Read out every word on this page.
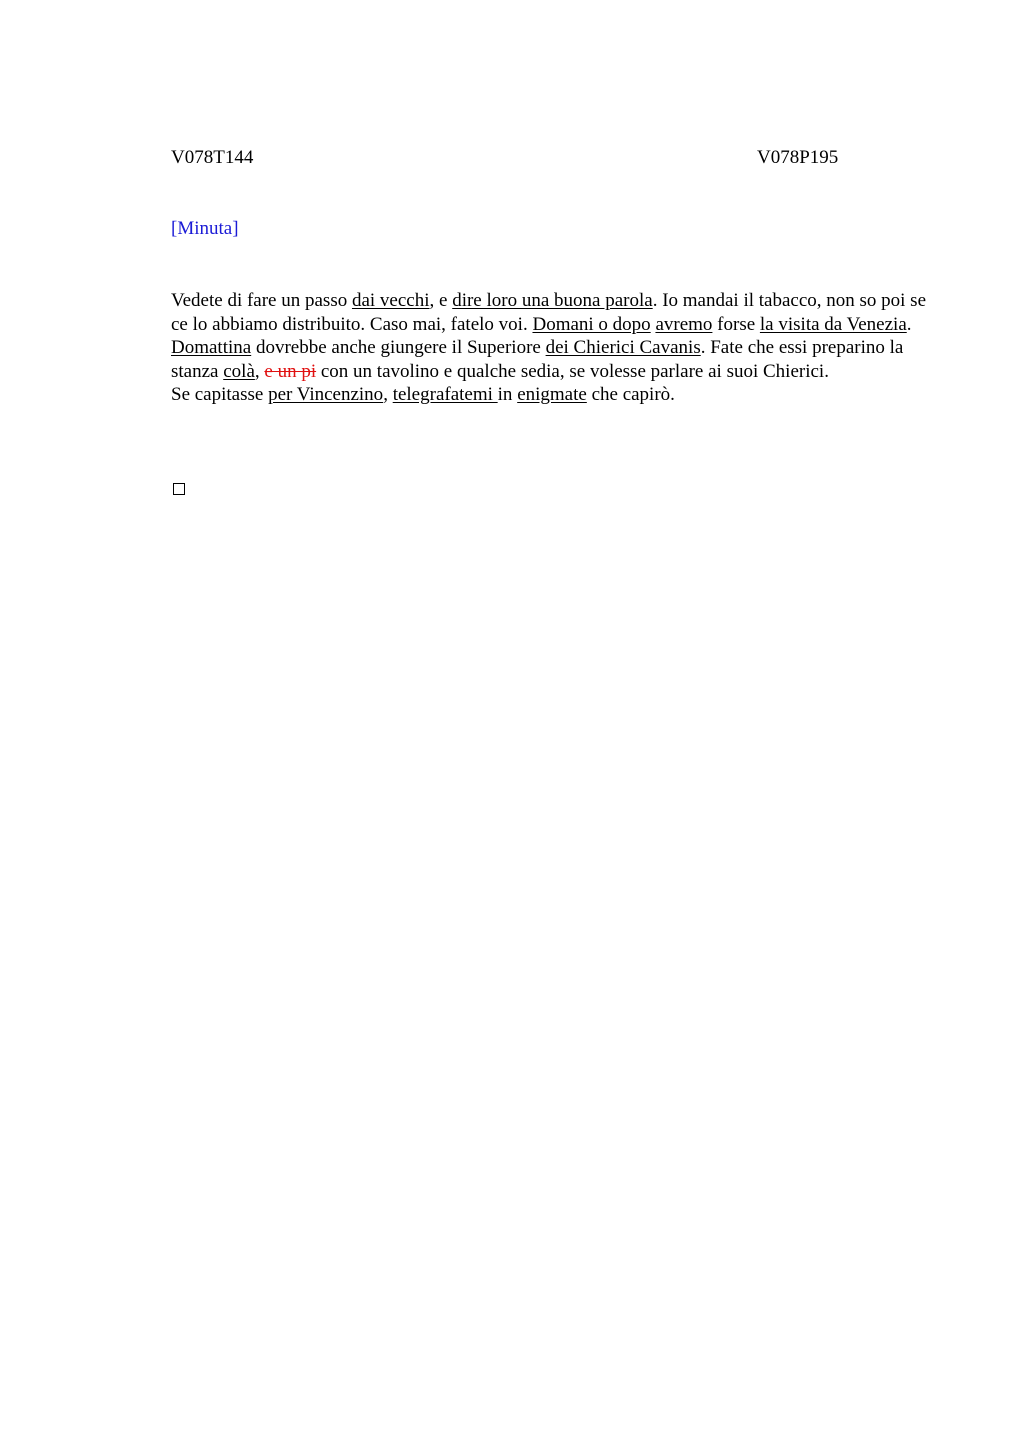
V078T144	V078P195
[Minuta]

Vedete di fare un passo dai vecchi, e dire loro una buona parola. Io mandai il tabacco, non so poi se ce lo abbiamo distribuito. Caso mai, fatelo voi. Domani o dopo avremo forse la visita da Venezia. Domattina dovrebbe anche giungere il Superiore dei Chierici Cavanis. Fate che essi preparino la stanza colà, e un pi con un tavolino e qualche sedia, se volesse parlare ai suoi Chierici.

Se capitasse per Vincenzino, telegrafatemi in enigmate che capirò.
